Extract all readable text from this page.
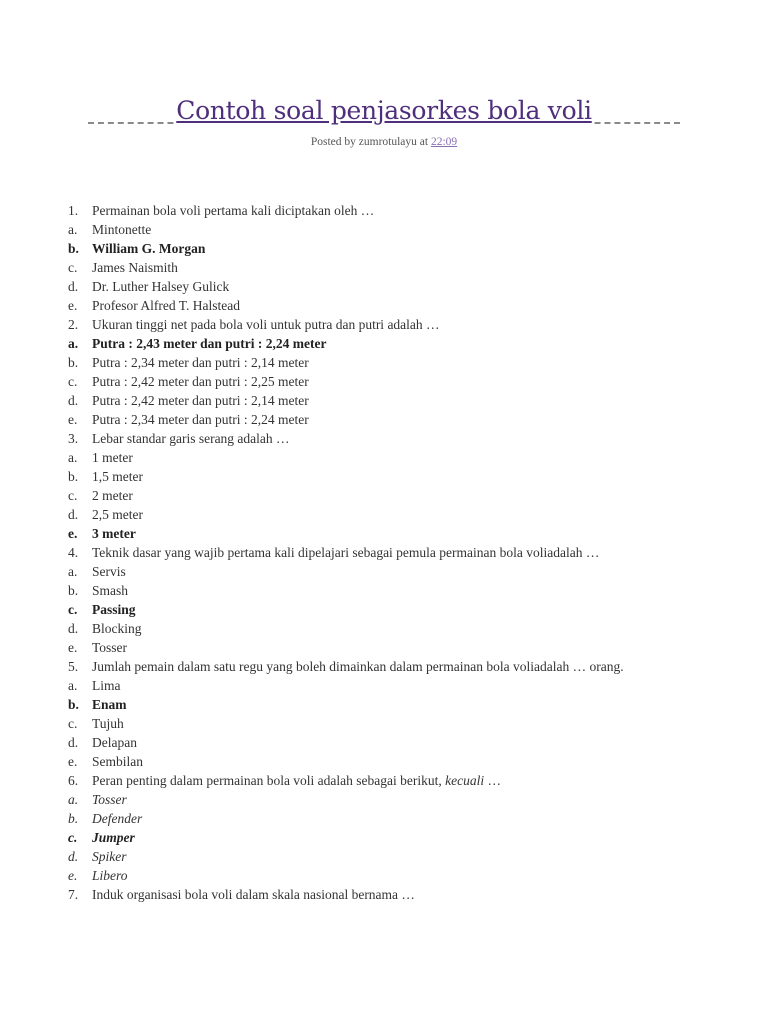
Contoh soal penjasorkes bola voli
Posted by zumrotulayu at 22:09
1.	Permainan bola voli pertama kali diciptakan oleh …
a.	Mintonette
b. William G. Morgan
c.	James Naismith
d.	Dr. Luther Halsey Gulick
e.	Profesor Alfred T. Halstead
2.	Ukuran tinggi net pada bola voli untuk putra dan putri adalah …
a.	Putra : 2,43 meter dan putri : 2,24 meter
b.	Putra : 2,34 meter dan putri : 2,14 meter
c.	Putra : 2,42 meter dan putri : 2,25 meter
d.	Putra : 2,42 meter dan putri : 2,14 meter
e.	Putra : 2,34 meter dan putri : 2,24 meter
3.	Lebar standar garis serang adalah …
a.	1 meter
b.	1,5 meter
c.	2 meter
d.	2,5 meter
e.	3 meter
4.	Teknik dasar yang wajib pertama kali dipelajari sebagai pemula permainan bola voliadalah …
a.	Servis
b.	Smash
c.	Passing
d.	Blocking
e.	Tosser
5.	Jumlah pemain dalam satu regu yang boleh dimainkan dalam permainan bola voliadalah … orang.
a.	Lima
b. Enam
c.	Tujuh
d.	Delapan
e.	Sembilan
6.	Peran penting dalam permainan bola voli adalah sebagai berikut, kecuali …
a.	Tosser
b.	Defender
c.	Jumper
d.	Spiker
e.	Libero
7.	Induk organisasi bola voli dalam skala nasional bernama …
